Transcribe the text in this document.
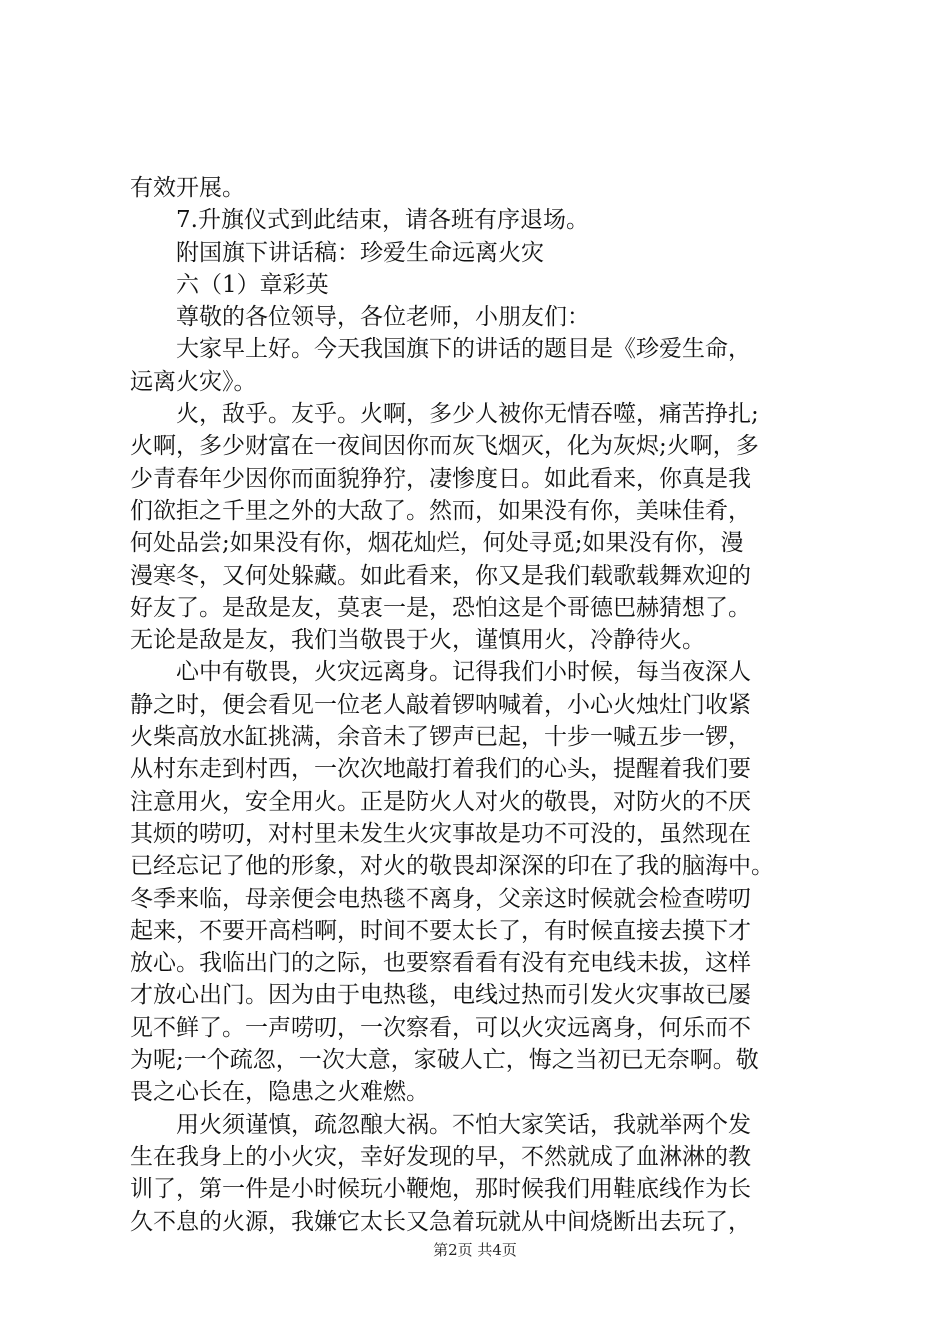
有效开展。
　　7.升旗仪式到此结束，请各班有序退场。
　　附国旗下讲话稿：珍爱生命远离火灾
　　六（1）章彩英
　　尊敬的各位领导，各位老师，小朋友们：
　　大家早上好。今天我国旗下的讲话的题目是《珍爱生命，
远离火灾》。
　　火，敌乎。友乎。火啊，多少人被你无情吞噬，痛苦挣扎;
火啊，多少财富在一夜间因你而灰飞烟灭，化为灰烬;火啊，多
少青春年少因你而面貌狰狞，凄惨度日。如此看来，你真是我
们欲拒之千里之外的大敌了。然而，如果没有你，美味佳肴，
何处品尝;如果没有你，烟花灿烂，何处寻觅;如果没有你，漫
漫寒冬，又何处躲藏。如此看来，你又是我们载歌载舞欢迎的
好友了。是敌是友，莫衷一是，恐怕这是个哥德巴赫猜想了。
无论是敌是友，我们当敬畏于火，谨慎用火，冷静待火。
　　心中有敬畏，火灾远离身。记得我们小时候，每当夜深人
静之时，便会看见一位老人敲着锣呐喊着，小心火烛灶门收紧
火柴高放水缸挑满，余音未了锣声已起，十步一喊五步一锣，
从村东走到村西，一次次地敲打着我们的心头，提醒着我们要
注意用火，安全用火。正是防火人对火的敬畏，对防火的不厌
其烦的唠叨，对村里未发生火灾事故是功不可没的，虽然现在
已经忘记了他的形象，对火的敬畏却深深的印在了我的脑海中。
冬季来临，母亲便会电热毯不离身，父亲这时候就会检查唠叨
起来，不要开高档啊，时间不要太长了，有时候直接去摸下才
放心。我临出门的之际，也要察看看有没有充电线未拔，这样
才放心出门。因为由于电热毯，电线过热而引发火灾事故已屡
见不鲜了。一声唠叨，一次察看，可以火灾远离身，何乐而不
为呢;一个疏忽，一次大意，家破人亡，悔之当初已无奈啊。敬
畏之心长在，隐患之火难燃。
　　用火须谨慎，疏忽酿大祸。不怕大家笑话，我就举两个发
生在我身上的小火灾，幸好发现的早，不然就成了血淋淋的教
训了，第一件是小时候玩小鞭炮，那时候我们用鞋底线作为长
久不息的火源，我嫌它太长又急着玩就从中间烧断出去玩了，
第2页 共4页
